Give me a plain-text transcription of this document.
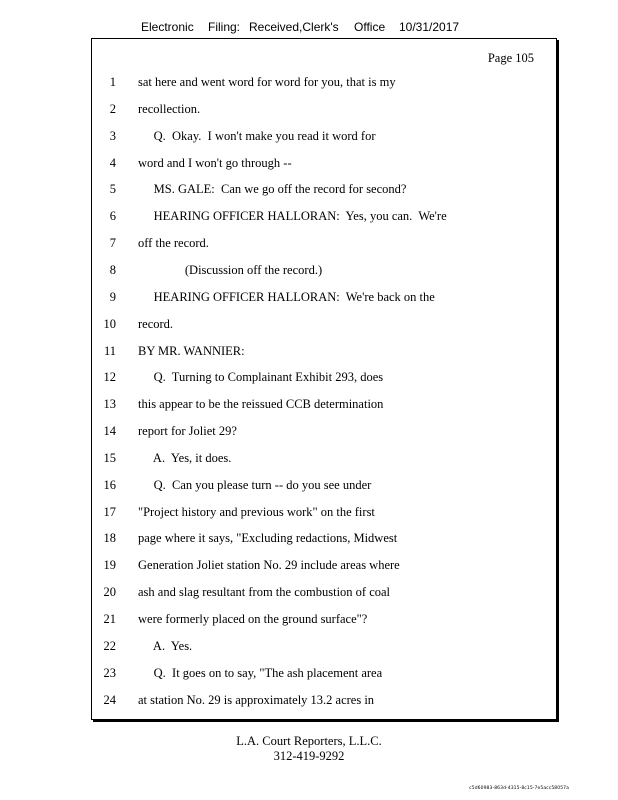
Electronic Filing: Received,Clerk's Office 10/31/2017
Page 105
1 sat here and went word for word for you, that is my
2 recollection.
3 Q.  Okay.  I won't make you read it word for
4 word and I won't go through --
5 MS. GALE:  Can we go off the record for second?
6 HEARING OFFICER HALLORAN:  Yes, you can.  We're
7 off the record.
8 (Discussion off the record.)
9 HEARING OFFICER HALLORAN:  We're back on the
10 record.
11 BY MR. WANNIER:
12 Q.  Turning to Complainant Exhibit 293, does
13 this appear to be the reissued CCB determination
14 report for Joliet 29?
15 A.  Yes, it does.
16 Q.  Can you please turn -- do you see under
17 "Project history and previous work" on the first
18 page where it says, "Excluding redactions, Midwest
19 Generation Joliet station No. 29 include areas where
20 ash and slag resultant from the combustion of coal
21 were formerly placed on the ground surface"?
22 A.  Yes.
23 Q.  It goes on to say, "The ash placement area
24 at station No. 29 is approximately 13.2 acres in
L.A. Court Reporters, L.L.C.
312-419-9292
c5d60983-863d-4315-8c15-7e5acc58057a
